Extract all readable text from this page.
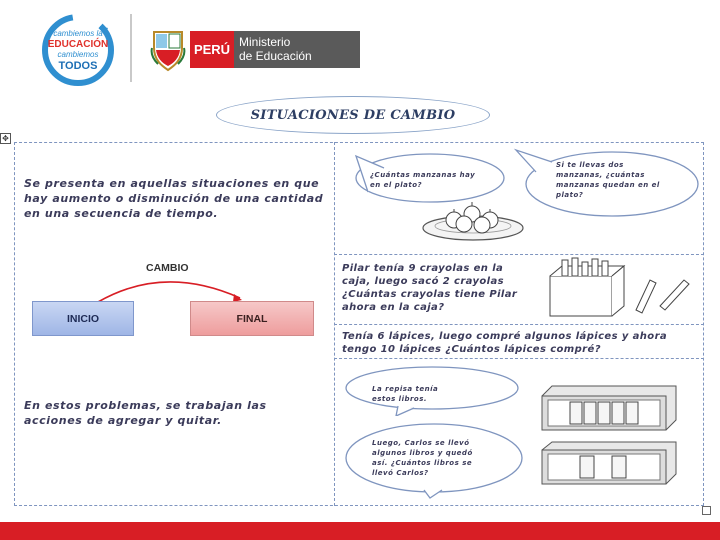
cambiemos la
EDUCACIÓN
cambiemos
TODOS
PERÚ Ministerio
de Educación
SITUACIONES DE CAMBIO
✥
Se presenta en aquellas situaciones en que hay aumento o disminución de una cantidad en una secuencia de tiempo.
CAMBIO
INICIO	FINAL
En estos problemas, se trabajan las acciones de agregar y quitar.
¿Cuántas manzanas hay en el plato?
Si te llevas dos manzanas, ¿cuántas manzanas quedan en el plato?
Pilar tenía 9 crayolas en la caja, luego sacó 2 crayolas ¿Cuántas crayolas tiene Pilar ahora en la caja?
Tenía 6 lápices, luego compré algunos lápices y ahora tengo 10 lápices ¿Cuántos lápices compré?
La repisa tenía estos libros.
Luego, Carlos se llevó algunos libros y quedó así. ¿Cuántos libros se llevó Carlos?
